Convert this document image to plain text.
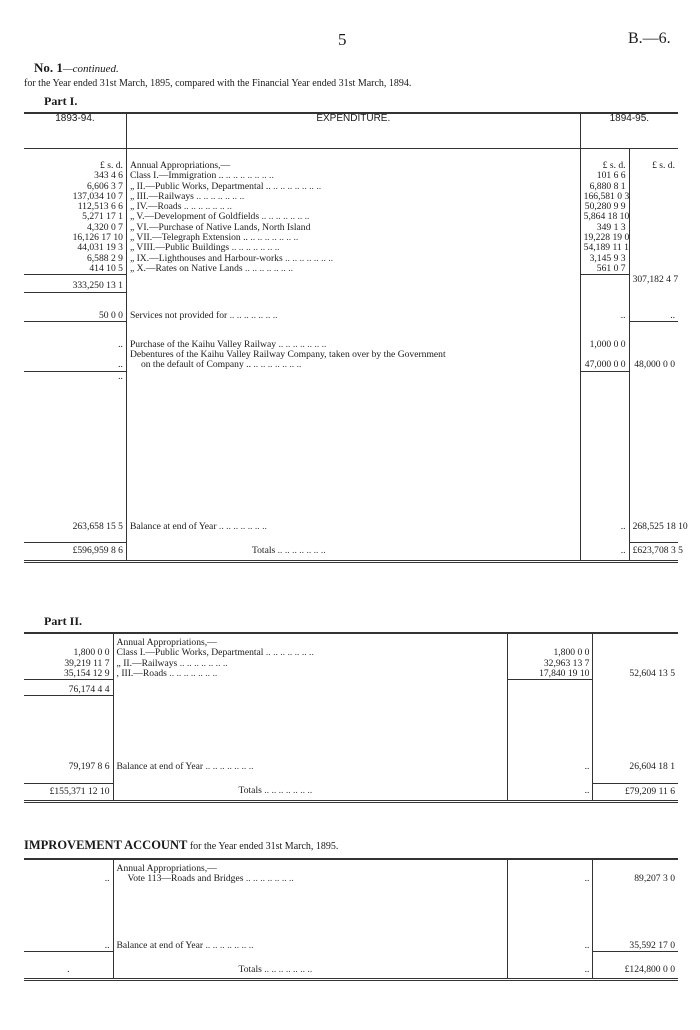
5	B.—6.
No. 1—continued.
for the Year ended 31st March, 1895, compared with the Financial Year ended 31st March, 1894.
Part I.
1893-94.	EXPENDITURE.	1894-95.	

£ s. d.	Annual Appropriations,—	£ s. d.	£ s. d.
343 4 6	Class I.—Immigration .. .. .. .. .. .. .. ..	101 6 6	
6,606 3 7	„ II.—Public Works, Departmental .. .. .. .. .. .. .. ..	6,880 8 1	
137,034 10 7	„ III.—Railways .. .. .. .. .. .. ..	166,581 0 3	
112,513 6 6	„ IV.—Roads .. .. .. .. .. .. ..	50,280 9 9	
5,271 17 1	„ V.—Development of Goldfields .. .. .. .. .. .. ..	5,864 18 10	
4,320 0 7	„ VI.—Purchase of Native Lands, North Island	349 1 3	
16,126 17 10	„ VII.—Telegraph Extension .. .. .. .. .. .. .. ..	19,228 19 0	
44,031 19 3	„ VIII.—Public Buildings .. .. .. .. .. .. ..	54,189 11 1	
6,588 2 9	„ IX.—Lighthouses and Harbour-works .. .. .. .. .. .. ..	3,145 9 3	
414 10 5	„ X.—Rates on Native Lands .. .. .. .. .. .. ..	561 0 7	
333,250 13 1			307,182 4 7

50 0 0	Services not provided for .. .. .. .. .. .. ..	..	..

..	Purchase of the Kaihu Valley Railway .. .. .. .. .. .. ..	1,000 0 0	
	Debentures of the Kaihu Valley Railway Company, taken over by the Government		
..	on the default of Company .. .. .. .. .. .. .. ..	47,000 0 0	48,000 0 0
..			

263,658 15 5	Balance at end of Year .. .. .. .. .. .. ..	..	268,525 18 10

£596,959 8 6	Totals .. .. .. .. .. .. ..	..	£623,708 3 5
Part II.

	Annual Appropriations,—		
1,800 0 0	Class I.—Public Works, Departmental .. .. .. .. .. .. ..	1,800 0 0	
39,219 11 7	„ II.—Railways .. .. .. .. .. .. ..	32,963 13 7	
35,154 12 9	, III.—Roads .. .. .. .. .. .. ..	17,840 19 10	52,604 13 5
76,174 4 4			

79,197 8 6	Balance at end of Year .. .. .. .. .. .. ..	..	26,604 18 1

£155,371 12 10	Totals .. .. .. .. .. .. ..	..	£79,209 11 6
IMPROVEMENT ACCOUNT for the Year ended 31st March, 1895.

	Annual Appropriations,—		
..	Vote 113—Roads and Bridges .. .. .. .. .. .. ..	..	89,207 3 0

..	Balance at end of Year .. .. .. .. .. .. ..	..	35,592 17 0

.	Totals .. .. .. .. .. .. ..	..	£124,800 0 0
